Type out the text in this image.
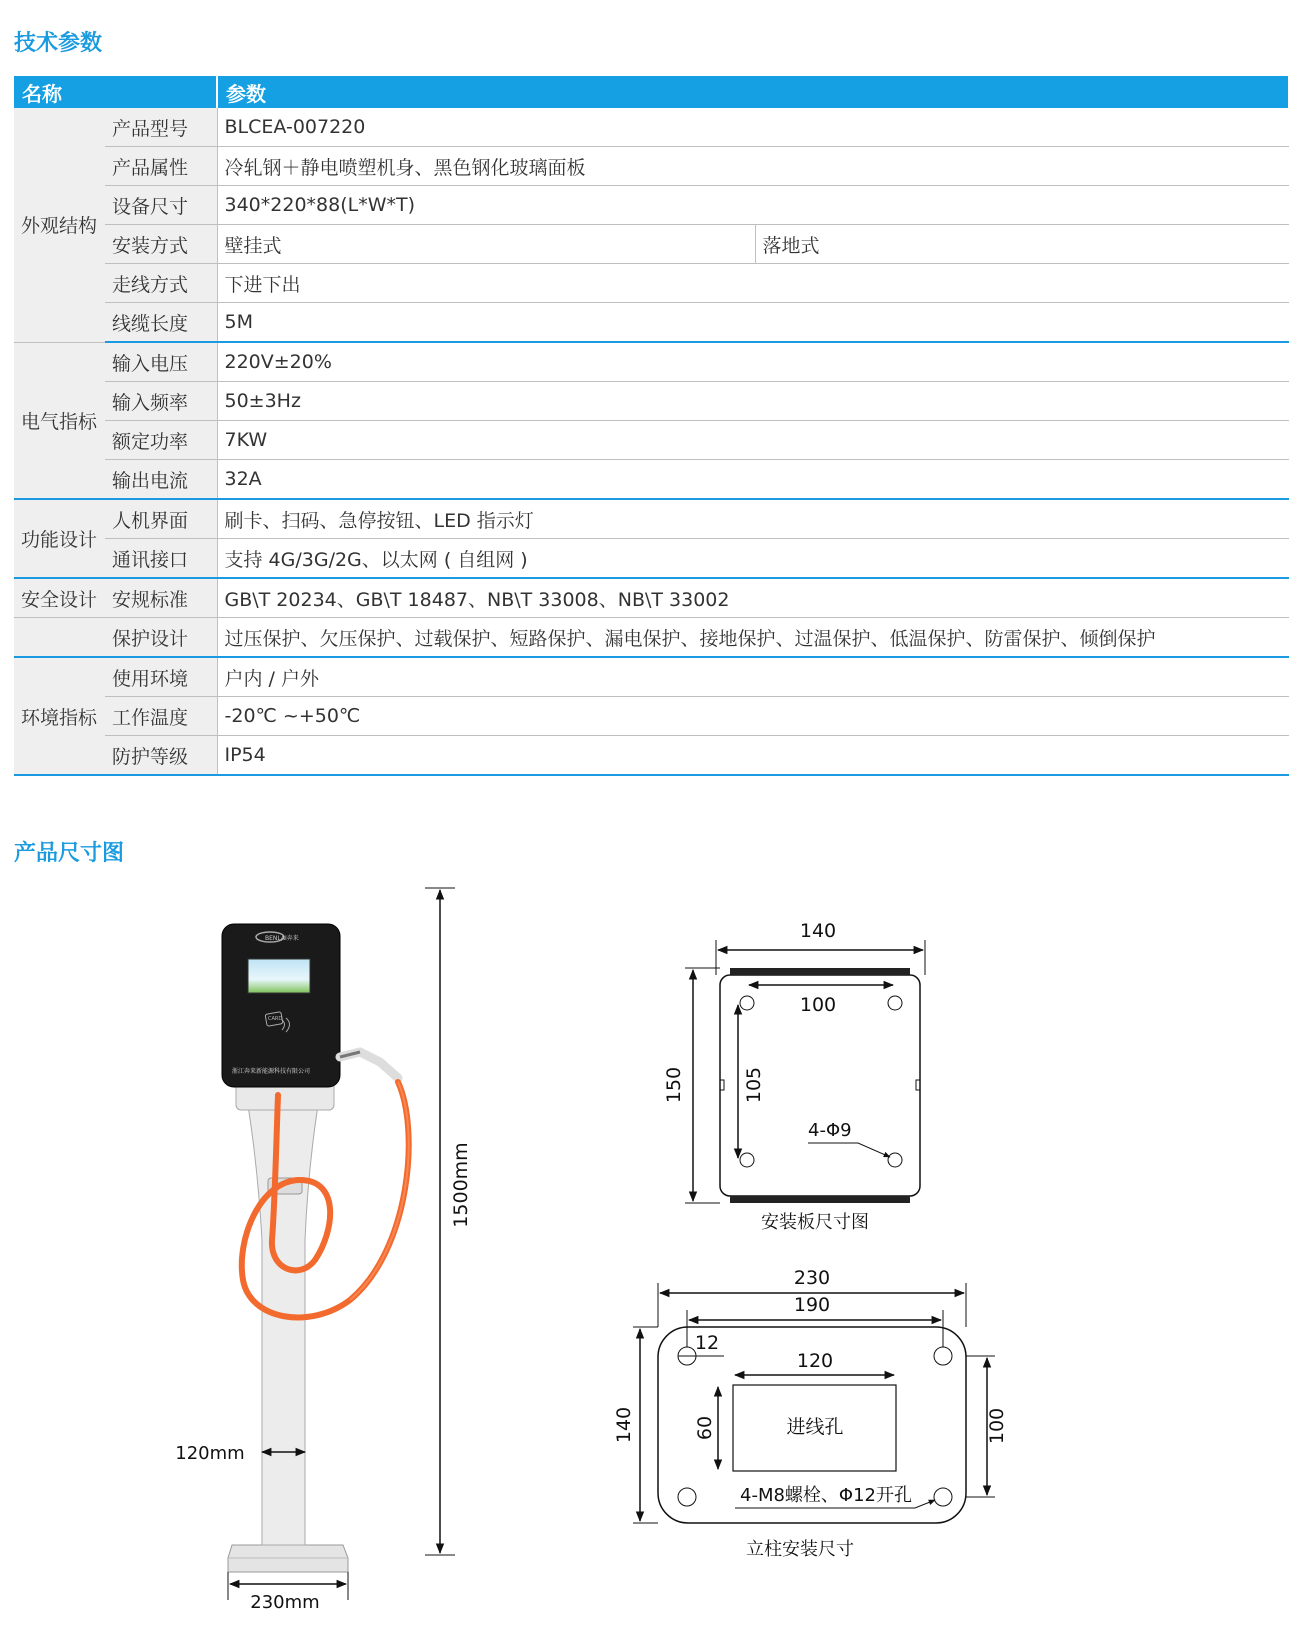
技术参数
名称		参数	
外观结构	产品型号	BLCEA-007220	
	产品属性	冷轧钢＋静电喷塑机身、黑色钢化玻璃面板	
	设备尺寸	340*220*88(L*W*T)	
	安装方式	壁挂式	落地式
	走线方式	下进下出	
	线缆长度	5M	
电气指标	输入电压	220V±20%	
	输入频率	50±3Hz	
	额定功率	7KW	
	输出电流	32A	
功能设计	人机界面	刷卡、扫码、急停按钮、LED 指示灯	
	通讯接口	支持 4G/3G/2G、以太网 ( 自组网 )	
安全设计	安规标准	GB\T 20234、GB\T 18487、NB\T 33008、NB\T 33002	
	保护设计	过压保护、欠压保护、过载保护、短路保护、漏电保护、接地保护、过温保护、低温保护、防雷保护、倾倒保护	
环境指标	使用环境	户内 / 户外	
	工作温度	-20℃ ~+50℃	
	防护等级	IP54	
产品尺寸图
BENLAI奔来
CARD
浙江奔来新能源科技有限公司
1500mm
120mm
230mm
140
100
150	105
4-Φ9
安装板尺寸图
230
190
12
120
140	60	100
进线孔
4-M8螺栓、Φ12开孔
立柱安装尺寸
